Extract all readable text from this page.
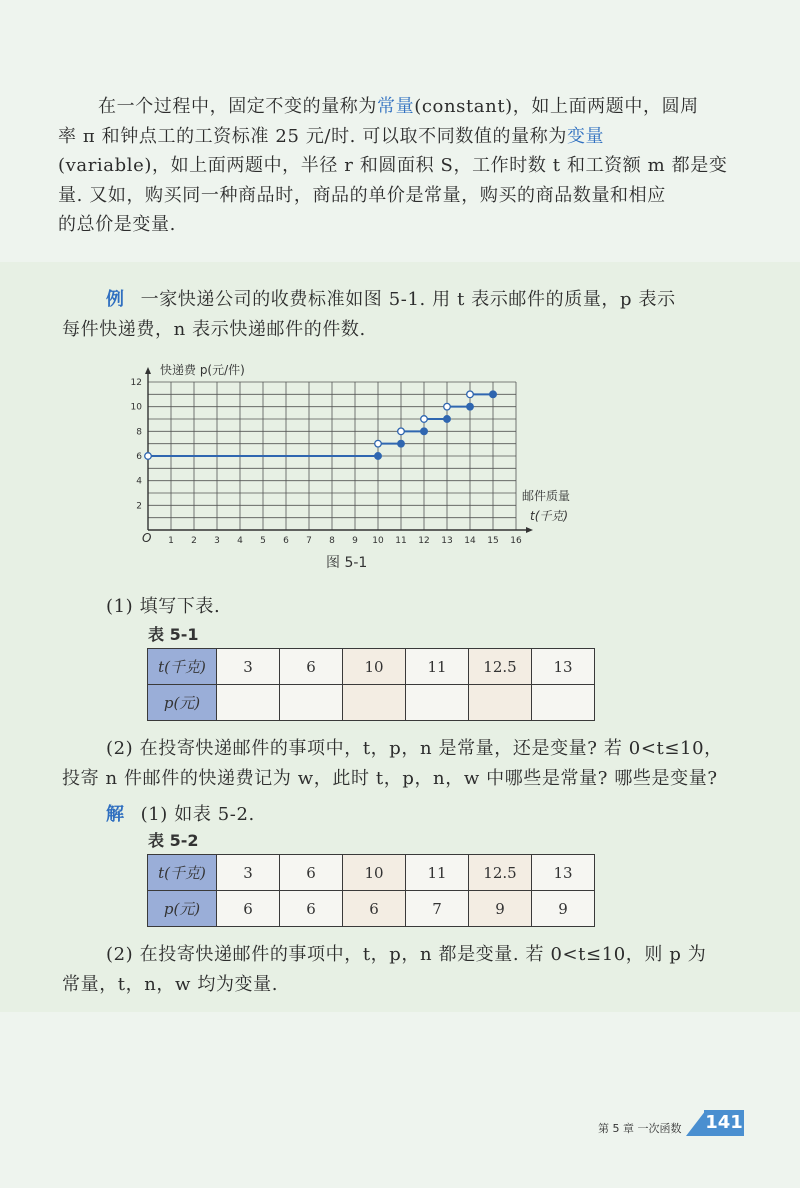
在一个过程中，固定不变的量称为常量(constant)，如上面两题中，圆周
率 π 和钟点工的工资标准 25 元/时. 可以取不同数值的量称为变量
(variable)，如上面两题中，半径 r 和圆面积 S，工作时数 t 和工资额 m 都是变
量. 又如，购买同一种商品时，商品的单价是常量，购买的商品数量和相应
的总价是变量.
例 一家快递公司的收费标准如图 5-1. 用 t 表示邮件的质量，p 表示
每件快递费，n 表示快递邮件的件数.
1 2 3 4 5 6 7 8 9 10 11 12 13 14 15 16
2
4
6
8
10
12
快递费 p(元/件)
邮件质量
t(千克)
O
图 5-1
(1) 填写下表.
表 5-1
t(千克)	3	6	10	11	12.5	13
p(元)						
(2) 在投寄快递邮件的事项中，t，p，n 是常量，还是变量? 若 0<t≤10，
投寄 n 件邮件的快递费记为 w，此时 t，p，n，w 中哪些是常量? 哪些是变量?
解 (1) 如表 5-2.
表 5-2
t(千克)	3	6	10	11	12.5	13
p(元)	6	6	6	7	9	9
(2) 在投寄快递邮件的事项中，t，p，n 都是变量. 若 0<t≤10，则 p 为
常量，t，n，w 均为变量.
第 5 章 一次函数 141
